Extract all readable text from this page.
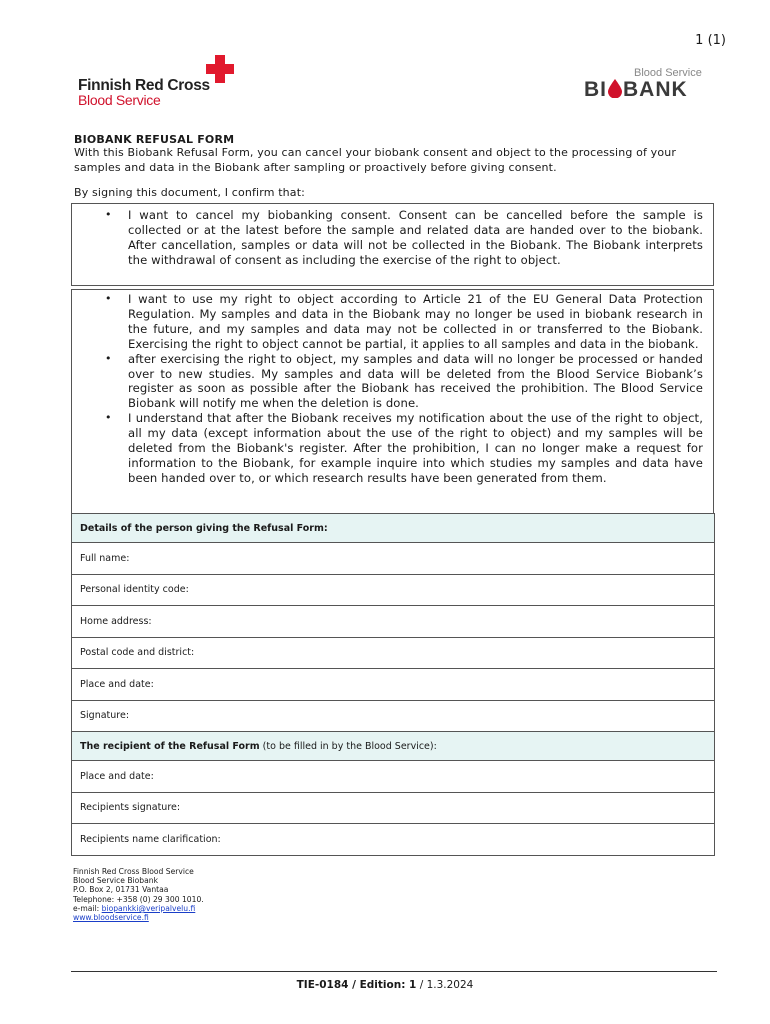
1 (1)
Finnish Red Cross
Blood Service
Blood Service
BI BANK
BIOBANK REFUSAL FORM
With this Biobank Refusal Form, you can cancel your biobank consent and object to the processing of your samples and data in the Biobank after sampling or proactively before giving consent.
By signing this document, I confirm that:
• I want to cancel my biobanking consent. Consent can be cancelled before the sample is collected or at the latest before the sample and related data are handed over to the biobank. After cancellation, samples or data will not be collected in the Biobank. The Biobank interprets the withdrawal of consent as including the exercise of the right to object.
• I want to use my right to object according to Article 21 of the EU General Data Protection Regulation. My samples and data in the Biobank may no longer be used in biobank research in the future, and my samples and data may not be collected in or transferred to the Biobank. Exercising the right to object cannot be partial, it applies to all samples and data in the biobank.
• after exercising the right to object, my samples and data will no longer be processed or handed over to new studies. My samples and data will be deleted from the Blood Service Biobank’s register as soon as possible after the Biobank has received the prohibition. The Blood Service Biobank will notify me when the deletion is done.
• I understand that after the Biobank receives my notification about the use of the right to object, all my data (except information about the use of the right to object) and my samples will be deleted from the Biobank's register. After the prohibition, I can no longer make a request for information to the Biobank, for example inquire into which studies my samples and data have been handed over to, or which research results have been generated from them.
Details of the person giving the Refusal Form:
Full name:
Personal identity code:
Home address:
Postal code and district:
Place and date:
Signature:
The recipient of the Refusal Form (to be filled in by the Blood Service):
Place and date:
Recipients signature:
Recipients name clarification:
Finnish Red Cross Blood Service
Blood Service Biobank
P.O. Box 2, 01731 Vantaa
Telephone: +358 (0) 29 300 1010.
e-mail: biopankki@veripalvelu.fi
www.bloodservice.fi
TIE-0184 / Edition: 1 / 1.3.2024
